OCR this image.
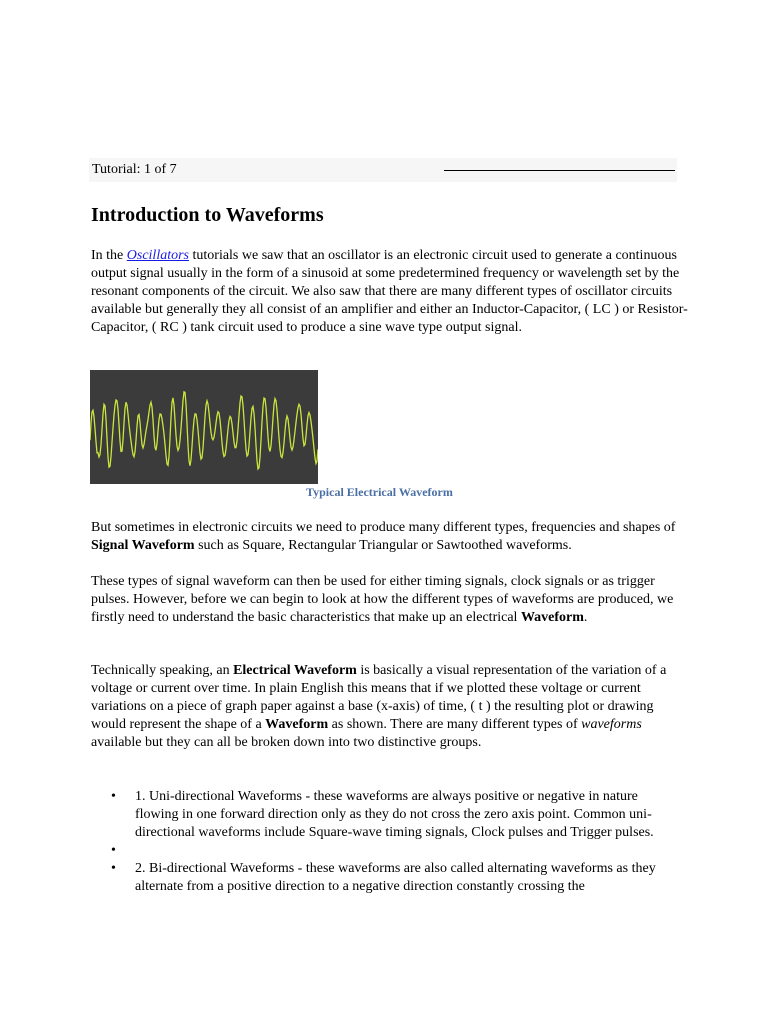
Tutorial: 1 of 7
Introduction to Waveforms

In the Oscillators tutorials we saw that an oscillator is an electronic circuit used to generate a continuous output signal usually in the form of a sinusoid at some predetermined frequency or wavelength set by the resonant components of the circuit. We also saw that there are many different types of oscillator circuits available but generally they all consist of an amplifier and either an Inductor-Capacitor, ( LC ) or Resistor-Capacitor, ( RC ) tank circuit used to produce a sine wave type output signal.

Typical Electrical Waveform

But sometimes in electronic circuits we need to produce many different types, frequencies and shapes of Signal Waveform such as Square, Rectangular Triangular or Sawtoothed waveforms.

These types of signal waveform can then be used for either timing signals, clock signals or as trigger pulses. However, before we can begin to look at how the different types of waveforms are produced, we firstly need to understand the basic characteristics that make up an electrical Waveform.

Technically speaking, an Electrical Waveform is basically a visual representation of the variation of a voltage or current over time. In plain English this means that if we plotted these voltage or current variations on a piece of graph paper against a base (x-axis) of time, ( t ) the resulting plot or drawing would represent the shape of a Waveform as shown. There are many different types of waveforms available but they can all be broken down into two distinctive groups.

• 1. Uni-directional Waveforms - these waveforms are always positive or negative in nature flowing in one forward direction only as they do not cross the zero axis point. Common uni-directional waveforms include Square-wave timing signals, Clock pulses and Trigger pulses.
•
• 2. Bi-directional Waveforms - these waveforms are also called alternating waveforms as they alternate from a positive direction to a negative direction constantly crossing the
